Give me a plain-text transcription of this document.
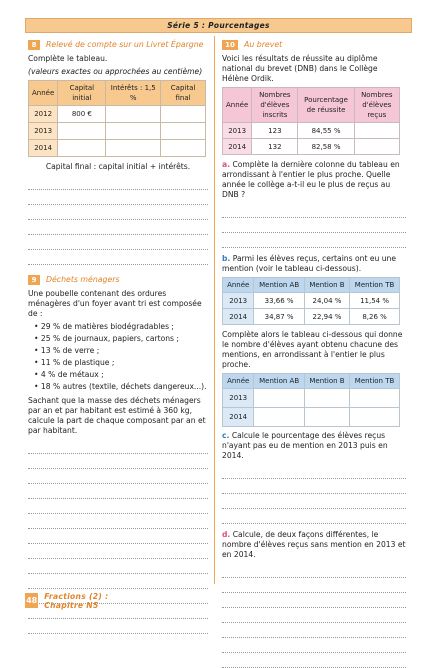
Série 5 : Pourcentages
8	Relevé de compte sur un Livret Épargne

Complète le tableau.

(valeurs exactes ou approchées au centième)

Année	Capital initial	Intérêts : 1,5 %	Capital final
2012	800 €		
2013			
2014			

Capital final : capital initial + intérêts.

9	Déchets ménagers

Une poubelle contenant des ordures ménagères d'un foyer avant tri est composée de :

• 29 % de matières biodégradables ;
• 25 % de journaux, papiers, cartons ;
• 13 % de verre ;
• 11 % de plastique ;
• 4 % de métaux ;
• 18 % autres (textile, déchets dangereux...).

Sachant que la masse des déchets ménagers par an et par habitant est estimé à 360 kg, calcule la part de chaque composant par an et par habitant.

10	Au brevet

Voici les résultats de réussite au diplôme national du brevet (DNB) dans le Collège Hélène Ordik.

Année	Nombres d'élèves inscrits	Pourcentage de réussite	Nombres d'élèves reçus
2013	123	84,55 %	
2014	132	82,58 %	

a. Complète la dernière colonne du tableau en arrondissant à l'entier le plus proche. Quelle année le collège a-t-il eu le plus de reçus au DNB ?

b. Parmi les élèves reçus, certains ont eu une mention (voir le tableau ci-dessous).

Année	Mention AB	Mention B	Mention TB
2013	33,66 %	24,04 %	11,54 %
2014	34,87 %	22,94 %	8,26 %

Complète alors le tableau ci-dessous qui donne le nombre d'élèves ayant obtenu chacune des mentions, en arrondissant à l'entier le plus proche.

Année	Mention AB	Mention B	Mention TB
2013			
2014			

c. Calcule le pourcentage des élèves reçus n'ayant pas eu de mention en 2013 puis en 2014.

d. Calcule, de deux façons différentes, le nombre d'élèves reçus sans mention en 2013 et en 2014.

48 Fractions (2) : Chapitre N5
